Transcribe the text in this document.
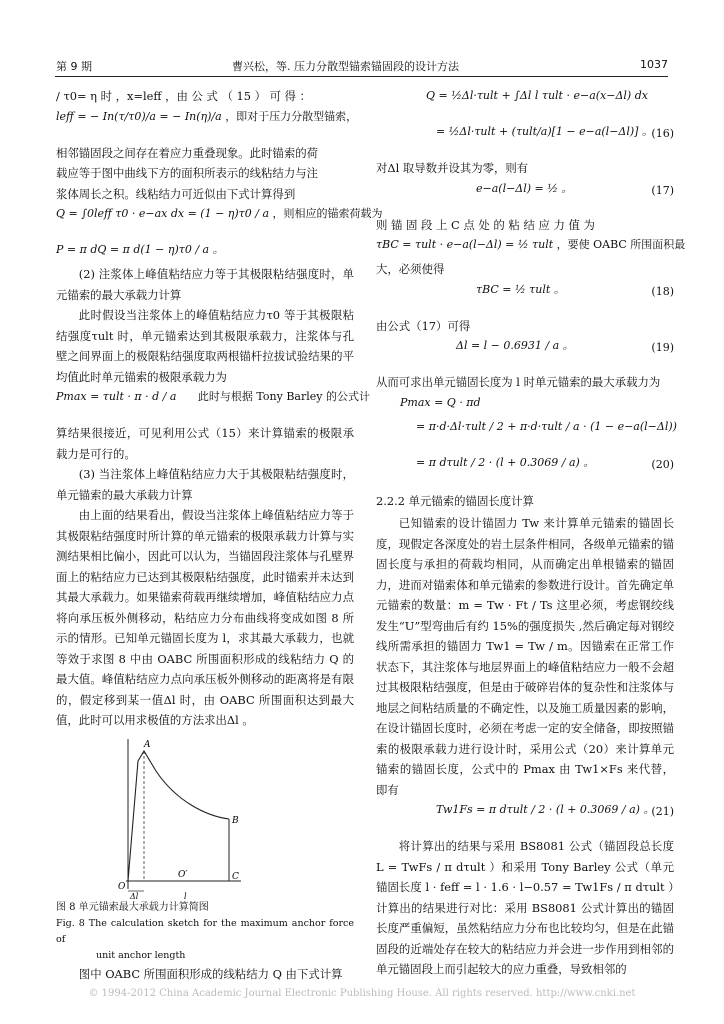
第 9 期	曹兴松，等. 压力分散型锚索锚固段的设计方法	1037

/ τ0= η 时 ，x=leff ，由 公 式 （ 15 ） 可 得 ：

leff = − In(τ/τ0)/a = − In(η)/a ，即对于压力分散型锚索，

相邻锚固段之间存在着应力重叠现象。此时锚索的荷

载应等于图中曲线下方的面积所表示的线粘结力与注

浆体周长之积。线粘结力可近似由下式计算得到

Q = ∫0leff τ0 · e−ax dx = (1 − η)τ0 / a ，则相应的锚索荷载为
P = π dQ = π d(1 − η)τ0 / a 。

(2) 注浆体上峰值粘结应力等于其极限粘结强度时，单元锚索的最大承载力计算

此时假设当注浆体上的峰值粘结应力τ0 等于其极限粘结强度τult 时，单元锚索达到其极限承载力，注浆体与孔壁之间界面上的极限粘结强度取两根锚杆拉拔试验结果的平均值此时单元锚索的极限承载力为

Pmax = τult · π · d / a 此时与根据 Tony Barley 的公式计

算结果很接近，可见利用公式（15）来计算锚索的极限承载力是可行的。

(3) 当注浆体上峰值粘结应力大于其极限粘结强度时，单元锚索的最大承载力计算

由上面的结果看出，假设当注浆体上峰值粘结应力等于其极限粘结强度时所计算的单元锚索的极限承载力计算与实测结果相比偏小，因此可以认为，当锚固段注浆体与孔壁界面上的粘结应力已达到其极限粘结强度，此时锚索并未达到其最大承载力。如果锚索荷载再继续增加，峰值粘结应力点将向承压板外侧移动，粘结应力分布曲线将变成如图 8 所示的情形。已知单元锚固长度为 l，求其最大承载力，也就等效于求图 8 中由 OABC 所围面积形成的线粘结力 Q 的最大值。峰值粘结应力点向承压板外侧移动的距离将是有限的，假定移到某一值Δl 时，由 OABC 所围面积达到最大值，此时可以用求极值的方法求出Δl 。

A
B
C
O
O′
Δl	l

图 8 单元锚索最大承载力计算简图

Fig. 8 The calculation sketch for the maximum anchor force of

unit anchor length

图中 OABC 所围面积形成的线粘结力 Q 由下式计算

Q = ½Δl·τult + ∫Δl l τult · e−a(x−Δl) dx
= ½Δl·τult + (τult/a)[1 − e−a(l−Δl)] 。
(16)

对Δl 取导数并设其为零，则有

e−a(l−Δl) = ½ 。	(17)

则 锚 固 段 上 C 点 处 的 粘 结 应 力 值 为

τBC = τult · e−a(l−Δl) = ½ τult ，要使 OABC 所围面积最

大，必须使得

τBC = ½ τult 。	(18)

由公式（17）可得

Δl = l − 0.6931 / a 。	(19)

从而可求出单元锚固长度为 l 时单元锚索的最大承载力为

Pmax = Q · πd
= π·d·Δl·τult / 2 + π·d·τult / a · (1 − e−a(l−Δl))
= π dτult / 2 · (l + 0.3069 / a) 。	(20)

2.2.2 单元锚索的锚固长度计算

已知锚索的设计锚固力 Tw 来计算单元锚索的锚固长度，现假定各深度处的岩土层条件相同，各级单元锚索的锚固长度与承担的荷载均相同，从而确定出单根锚索的锚固力，进而对锚索体和单元锚索的参数进行设计。首先确定单元锚索的数量：m = Tw · Ft / Ts 这里必须，考虑钢绞线发生“U”型弯曲后有约 15%的强度损失 ,然后确定每对钢绞线所需承担的锚固力 Tw1 = Tw / m。因锚索在正常工作状态下，其注浆体与地层界面上的峰值粘结应力一般不会超过其极限粘结强度，但是由于破碎岩体的复杂性和注浆体与地层之间粘结质量的不确定性，以及施工质量因素的影响，在设计锚固长度时，必须在考虑一定的安全储备，即按照锚索的极限承载力进行设计时，采用公式（20）来计算单元锚索的锚固长度，公式中的 Pmax 由 Tw1×Fs 来代替，即有

Tw1Fs = π dτult / 2 · (l + 0.3069 / a) 。
(21)

将计算出的结果与采用 BS8081 公式（锚固段总长度 L = TwFs / π dτult ）和采用 Tony Barley 公式（单元锚固长度 l · feff = l · 1.6 · l−0.57 = Tw1Fs / π dτult ）计算出的结果进行对比：采用 BS8081 公式计算出的锚固长度严重偏短，虽然粘结应力分布也比较均匀，但是在此锚固段的近端处存在较大的粘结应力并会进一步作用到相邻的单元锚固段上而引起较大的应力重叠，导致相邻的

© 1994-2012 China Academic Journal Electronic Publishing House. All rights reserved. http://www.cnki.net
